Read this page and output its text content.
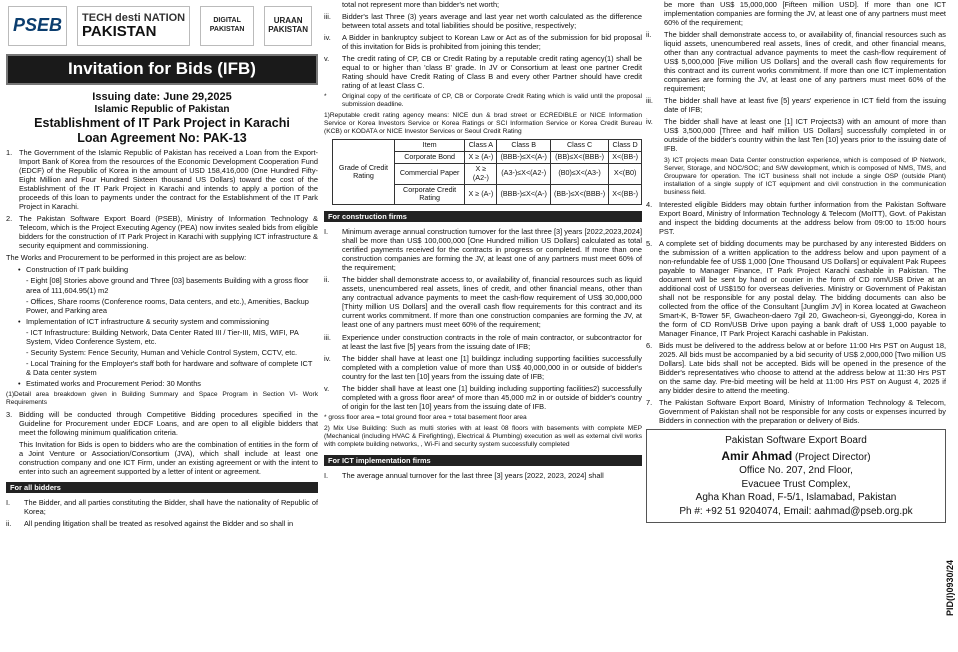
PSEB	TECH desti NATION
PAKISTAN
DIGITAL PAKISTAN
URAAN PAKISTAN
Invitation for Bids (IFB)
Issuing date: June 29,2025
Islamic Republic of Pakistan
Establishment of IT Park Project in Karachi
Loan Agreement No: PAK-13
1. The Government of the Islamic Republic of Pakistan has received a Loan from the Export-Import Bank of Korea from the resources of the Economic Development Cooperation Fund (EDCF) of the Republic of Korea in the amount of USD 158,416,000 (One Hundred Fifty-Eight Million and Four Hundred Sixteen thousand US Dollars) toward the cost of the Establishment of the IT Park Project in Karachi and intends to apply a portion of the proceeds of this loan to payments under the contract for the Establishment of the IT Park Project in Karachi.
2. The Pakistan Software Export Board (PSEB), Ministry of Information Technology & Telecom, which is the Project Executing Agency (PEA) now invites sealed bids from eligible bidders for the construction of IT Park Project in Karachi with supplying ICT infrastructure & security equipment and commissioning.
The Works and Procurement to be performed in this project are as below:
• Construction of IT park building
- Eight [08] Stories above ground and Three [03] basements Building with a gross floor area of 111,604.95(1) m2
- Offices, Share rooms (Conference rooms, Data centers, and etc.), Amenities, Backup Power, and Parking area
• Implementation of ICT infrastructure & security system and commissioning
- ICT Infrastructure: Building Network, Data Center Rated III / Tier-III, MIS, WIFI, PA System, Video Conference System, etc.
- Security System: Fence Security, Human and Vehicle Control System, CCTV, etc.
- Local Training for the Employer's staff both for hardware and software of complete ICT & Data center system
• Estimated works and Procurement Period: 30 Months
(1)Detail area breakdown given in Building Summary and Space Program in Section VI- Work Requirements
3. Bidding will be conducted through Competitive Bidding procedures specified in the Guideline for Procurement under EDCF Loans, and are open to all eligible bidders that meet the following minimum qualification criteria.
This Invitation for Bids is open to bidders who are the combination of entities in the form of a Joint Venture or Association/Consortium (JVA), which shall include at least one construction company and one ICT Firm, under an existing agreement or with the intent to enter into such an agreement supported by a letter of intent or agreement.
For all bidders
I.	The Bidder, and all parties constituting the Bidder, shall have the nationality of Republic of Korea;
ii.	All pending litigation shall be treated as resolved against the Bidder and so shall in
total not represent more than bidder's net worth;
iii.	Bidder's last Three (3) years average and last year net worth calculated as the difference between total assets and total liabilities should be positive, respectively;
iv.	A Bidder in bankruptcy subject to Korean Law or Act as of the submission for bid proposal of this invitation for Bids is prohibited from joining this tender;
v.	The credit rating of CP, CB or Credit Rating by a reputable credit rating agency(1) shall be equal to or higher than 'class B' grade. In JV or Consortium at least one partner Credit Rating should have Credit Rating of Class B and every other Partner should have credit rating of at least Class C.
*	Original copy of the certificate of CP, CB or Corporate Credit Rating which is valid until the proposal submission deadline.
1)Reputable credit rating agency means: NICE dun & brad street or ECREDIBLE or NICE Information Service or Korea Investors Service or Korea Ratings or SCI Information Service or Korea Credit Bureau (KCB) or KODATA or NICE Investor Services or Seoul Credit Rating
Grade of Credit Rating	Item	Class A	Class B	Class C	Class D
	Corporate Bond	X ≥ (A-)	(BBB-)≤X<(A-)	(BB)≤X<(BBB-)	X<(BB-)
	Commercial Paper	X ≥ (A2-)	(A3-)≤X<(A2-)	(B0)≤X<(A3-)	X<(B0)
	Corporate Credit Rating	X ≥ (A-)	(BBB-)≤X<(A-)	(BB-)≤X<(BBB-)	X<(BB-)
For construction firms
I.	Minimum average annual construction turnover for the last three [3] years [2022,2023,2024] shall be more than US$ 100,000,000 [One Hundred million US Dollars] calculated as total certified payments received for the contracts in progress or completed. If more than one construction companies are forming the JV, at least one of any partners must meet 60% of the requirement;
ii.	The bidder shall demonstrate access to, or availability of, financial resources such as liquid assets, unencumbered real assets, lines of credit, and other financial means, other than any contractual advance payments to meet the cash-flow requirement of US$ 30,000,000 [Thirty million US Dollars] and the overall cash flow requirements for this contract and its current works commitment. If more than one construction companies are forming the JV, at least one of any partners must meet 60% of the requirement;
iii.	Experience under construction contracts in the role of main contractor, or subcontractor for at least the last five [5] years from the issuing date of IFB;
iv.	The bidder shall have at least one [1] buildingz including supporting facilities successfully completed with a completion value of more than US$ 40,000,000 in or outside of bidder's country for the last ten [10] years from the issuing date of IFB;
v.	The bidder shall have at least one [1] building including supporting facilities2) successfully completed with a gross floor area* of more than 45,000 m2 in or outside of bidder's country of origin for the last ten [10] years from the issuing date of IFB.
* gross floor area = total ground floor area + total basement floor area
2) Mix Use Building: Such as multi stories with at least 08 floors with basements with complete MEP (Mechanical (including HVAC & Firefighting), Electrical & Plumbing) execution as well as external civil works with complete building networks, , Wi-Fi and security system successfully completed
For ICT implementation firms
I.	The average annual turnover for the last three [3] years [2022, 2023, 2024] shall
be more than US$ 15,000,000 [Fifteen million USD]. If more than one ICT implementation companies are forming the JV, at least one of any partners must meet 60% of the requirement;
ii.	The bidder shall demonstrate access to, or availability of, financial resources such as liquid assets, unencumbered real assets, lines of credit, and other financial means, other than any contractual advance payments to meet the cash-flow requirement of US$ 5,000,000 [Five million US Dollars] and the overall cash flow requirements for this contract and its current works commitment. If more than one ICT implementation companies are forming the JV, at least one of any partners must meet 60% of the requirement;
iii.	The bidder shall have at least five [5] years' experience in ICT field from the issuing date of IFB;
iv.	The bidder shall have at least one [1] ICT Projects3) with an amount of more than US$ 3,500,000 [Three and half million US Dollars] successfully completed in or outside of the bidder's country within the last Ten [10] years prior to the issuing date of IFB.
3) ICT projects mean Data Center construction experience, which is composed of IP Network, Server, Storage, and NOC/SOC; and S/W development, which is composed of NMS, TMS, and Groupware for operation. The ICT business shall not include a single OSP (outside Plant) installation of a single supply of ICT equipment and civil construction in the communication business field.
4. Interested eligible Bidders may obtain further information from the Pakistan Software Export Board, Ministry of Information Technology & Telecom (MoITT), Govt. of Pakistan and inspect the bidding documents at the address below from 09:00 to 15:00 hours PST.
5. A complete set of bidding documents may be purchased by any interested Bidders on the submission of a written application to the address below and upon payment of a non-refundable fee of US$ 1,000 [One Thousand US Dollars] or equivalent Pak Rupees payable to Manager Finance, IT Park Project Karachi cashable in Pakistan. The document will be sent by hand or courier in the form of CD rom/USB Drive at an additional cost of US$150 for overseas deliveries. Ministry or Government of Pakistan shall not be responsible for any postal delay. The bidding documents can also be collected from the office of the Consultant [Junglim JV] in Korea located at Gwacheon Smart-K, B-Tower 5F, Gwacheon-daero 7gil 20, Gwacheon-si, Gyeonggi-do, Korea in the form of CD Rom/USB Drive upon paying a bank draft of US$ 1,000 payable to Manager Finance, IT Park Project Karachi cashable in Pakistan.
6. Bids must be delivered to the address below at or before 11:00 Hrs PST on August 18, 2025. All bids must be accompanied by a bid security of US$ 2,000,000 [Two million US Dollars]. Late bids shall not be accepted. Bids will be opened in the presence of the Bidder's representatives who choose to attend at the address below at 11:30 Hrs PST on the same day. Pre-bid meeting will be held at 11:00 Hrs PST on August 4, 2025 if any bidder desire to attend the meeting.
7. The Pakistan Software Export Board, Ministry of Information Technology & Telecom, Government of Pakistan shall not be responsible for any costs or expenses incurred by Bidders in connection with the preparation or delivery of Bids.
Pakistan Software Export Board
Amir Ahmad (Project Director)
Office No. 207, 2nd Floor,
Evacuee Trust Complex,
Agha Khan Road, F-5/1, Islamabad, Pakistan
Ph #: +92 51 9204074, Email: aahmad@pseb.org.pk
PID(I)0930/24
